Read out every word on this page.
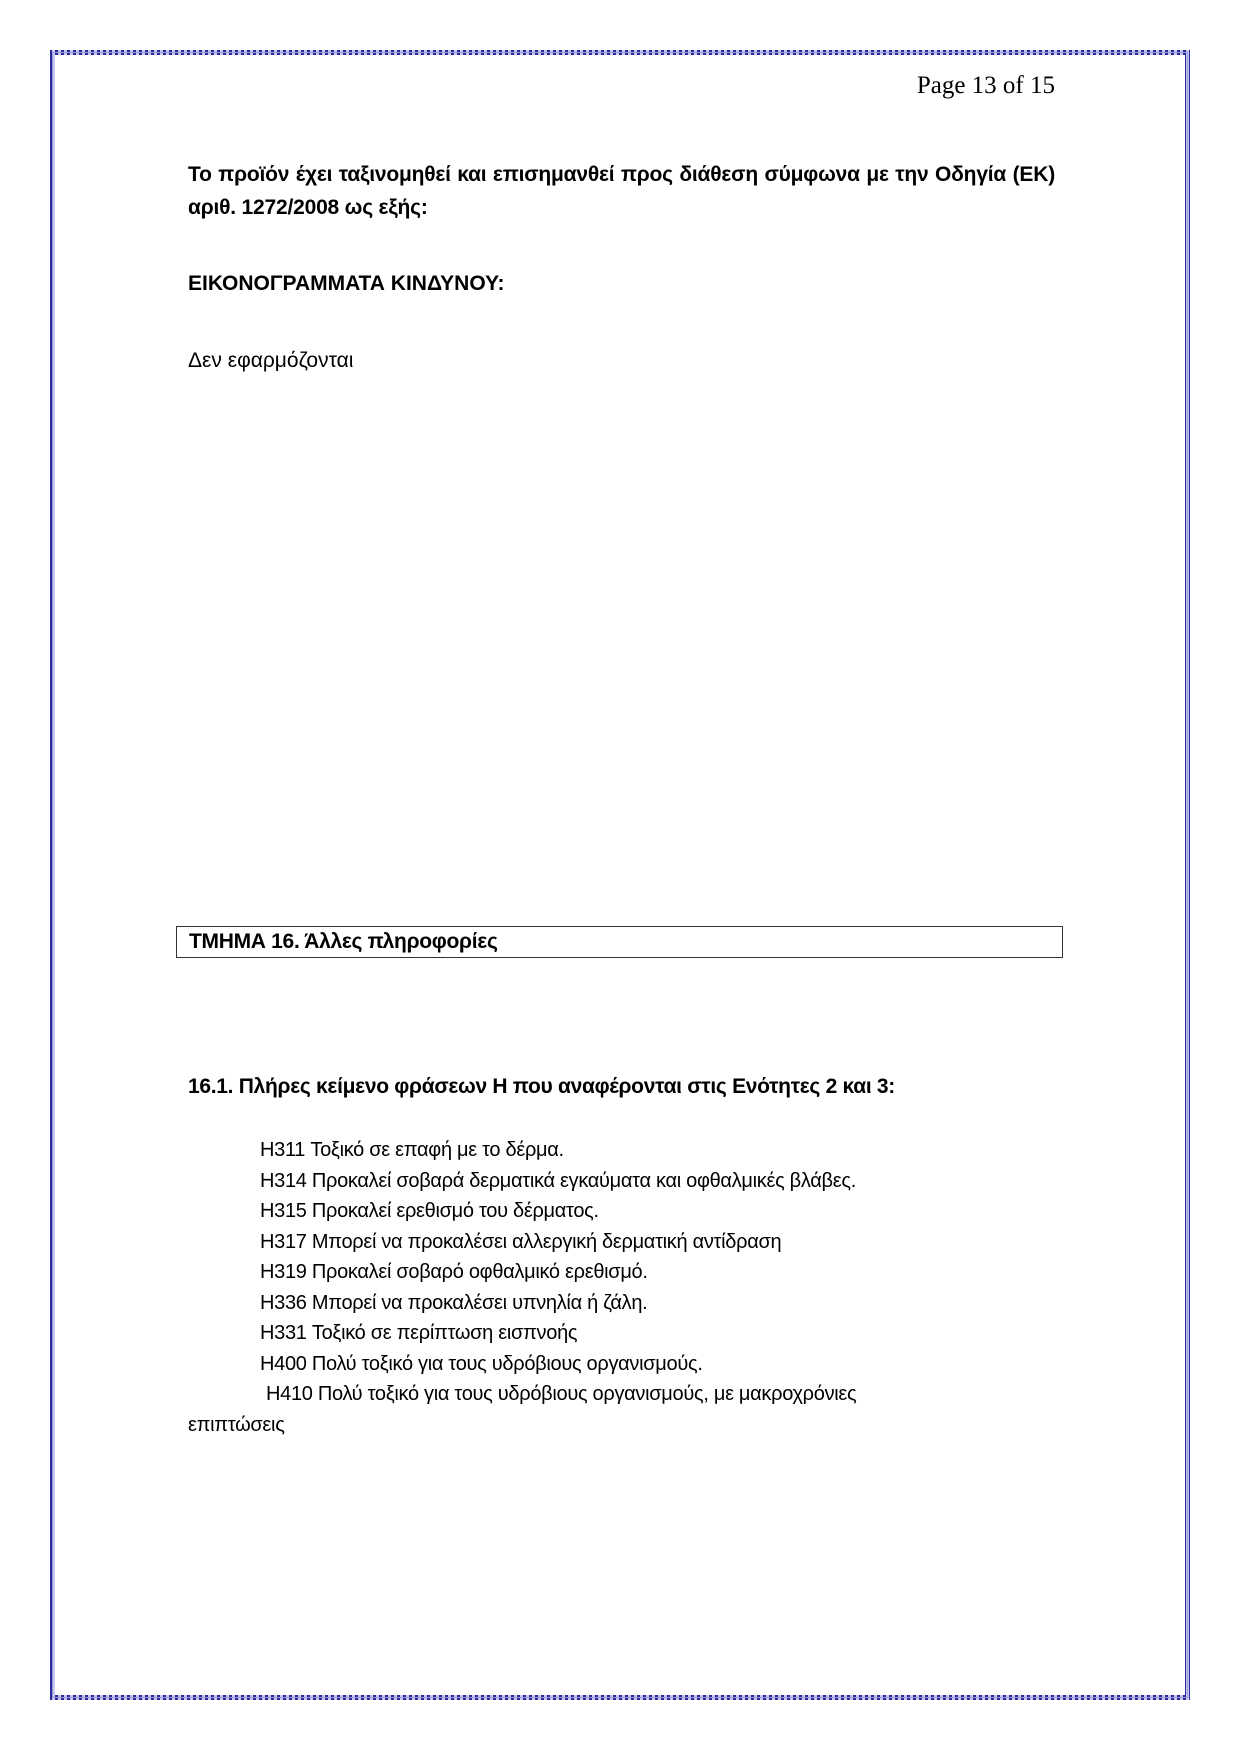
Page 13 of 15
Το προϊόν έχει ταξινομηθεί και επισημανθεί προς διάθεση σύμφωνα με την Οδηγία (ΕΚ) αριθ. 1272/2008 ως εξής:
ΕΙΚΟΝΟΓΡΑΜΜΑΤΑ ΚΙΝΔΥΝΟΥ:
Δεν εφαρμόζονται
ΤΜΗΜΑ 16. Άλλες πληροφορίες
16.1. Πλήρες κείμενο φράσεων Η που αναφέρονται στις Ενότητες 2 και 3:
H311 Τοξικό σε επαφή με το δέρμα.
H314 Προκαλεί σοβαρά δερματικά εγκαύματα και οφθαλμικές βλάβες.
H315 Προκαλεί ερεθισμό του δέρματος.
H317 Μπορεί να προκαλέσει αλλεργική δερματική αντίδραση
H319 Προκαλεί σοβαρό οφθαλμικό ερεθισμό.
H336 Μπορεί να προκαλέσει υπνηλία ή ζάλη.
H331 Τοξικό σε περίπτωση εισπνοής
H400 Πολύ τοξικό για τους υδρόβιους οργανισμούς.
H410 Πολύ τοξικό για τους υδρόβιους οργανισμούς, με μακροχρόνιες
επιπτώσεις
